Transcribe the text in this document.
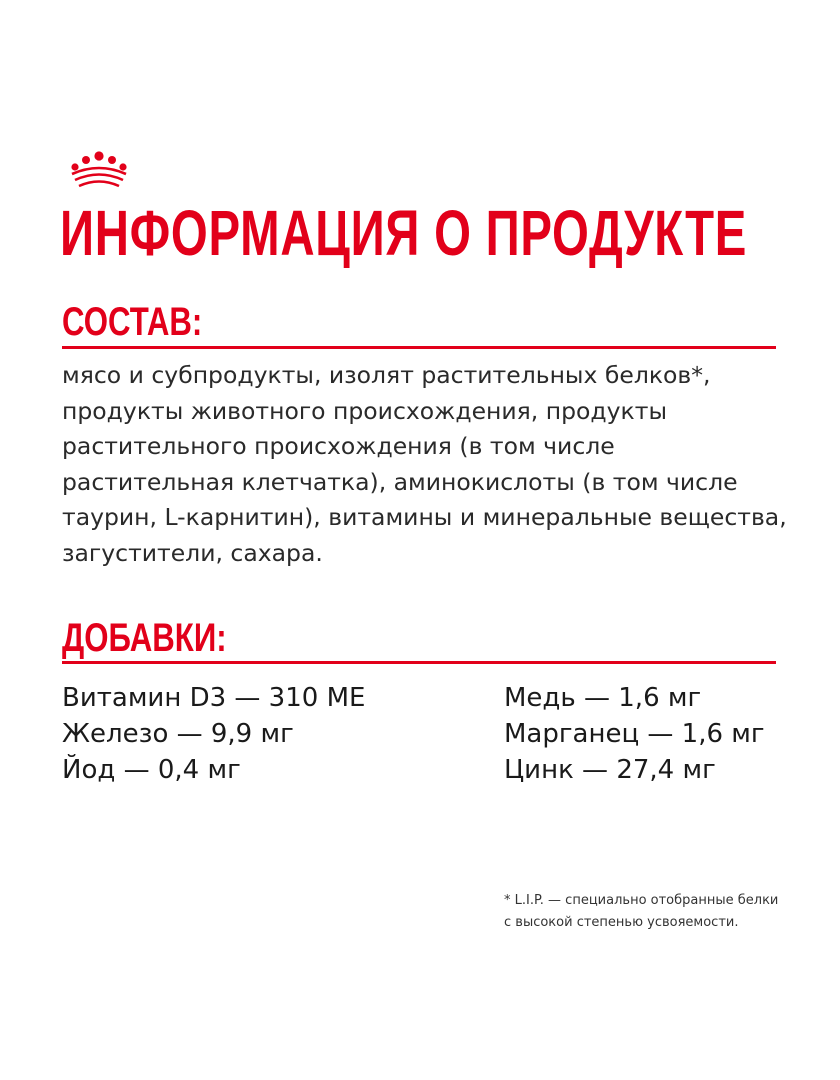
ИНФОРМАЦИЯ О ПРОДУКТЕ
СОСТАВ:

мясо и субпродукты, изолят растительных белков*, продукты животного происхождения, продукты растительного происхождения (в том числе растительная клетчатка), аминокислоты (в том числе таурин, L-карнитин), витамины и минеральные вещества, загустители, сахара.

ДОБАВКИ:
Витамин D3 — 310 МЕ
Железо — 9,9 мг
Йод — 0,4 мг
Медь — 1,6 мг
Марганец — 1,6 мг
Цинк — 27,4 мг
* L.I.P. — специально отобранные белки
с высокой степенью усвояемости.
